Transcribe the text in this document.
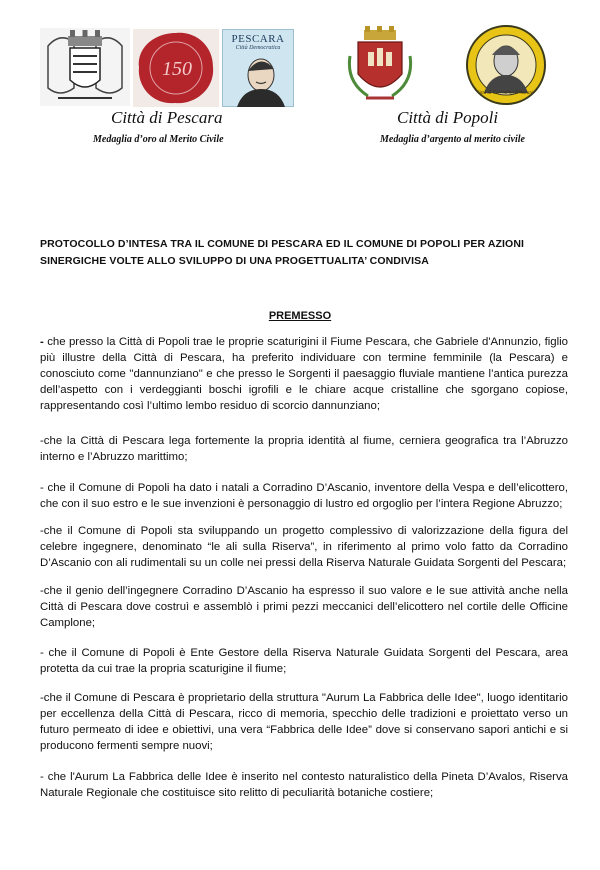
150
PESCARA
Città Democratica
Città di Corradino D'Ascanio
Città di Pescara
Medaglia d’oro al Merito Civile
Città di Popoli
Medaglia d’argento al merito civile
PROTOCOLLO D’INTESA TRA IL COMUNE DI PESCARA ED IL COMUNE DI POPOLI PER AZIONI SINERGICHE VOLTE ALLO SVILUPPO DI UNA PROGETTUALITA’ CONDIVISA
PREMESSO

- che presso la Città di Popoli trae le proprie scaturigini il Fiume Pescara, che Gabriele d'Annunzio, figlio più illustre della Città di Pescara, ha preferito individuare con termine femminile (la Pescara) e conosciuto come "dannunziano" e che presso le Sorgenti il paesaggio fluviale mantiene l’antica purezza dell’aspetto con i verdeggianti boschi igrofili e le chiare acque cristalline che sgorgano copiose, rappresentando così l’ultimo lembo residuo di scorcio dannunziano;

-che la Città di Pescara lega fortemente la propria identità al fiume, cerniera geografica tra l’Abruzzo interno e l’Abruzzo marittimo;

- che il Comune di Popoli ha dato i natali a Corradino D’Ascanio, inventore della Vespa e dell’elicottero, che con il suo estro e le sue invenzioni è personaggio di lustro ed orgoglio per l’intera Regione Abruzzo;

-che il Comune di Popoli sta sviluppando un progetto complessivo di valorizzazione della figura del celebre ingegnere, denominato “le ali sulla Riserva”, in riferimento al primo volo fatto da Corradino D’Ascanio con ali rudimentali su un colle nei pressi della Riserva Naturale Guidata Sorgenti del Pescara;

-che il genio dell’ingegnere Corradino D’Ascanio ha espresso il suo valore e le sue attività anche nella Città di Pescara dove costruì e assemblò i primi pezzi meccanici dell’elicottero nel cortile delle Officine Camplone;

- che il Comune di Popoli è Ente Gestore della Riserva Naturale Guidata Sorgenti del Pescara, area protetta da cui trae la propria scaturigine il fiume;

-che il Comune di Pescara è proprietario della struttura "Aurum La Fabbrica delle Idee", luogo identitario per eccellenza della Città di Pescara, ricco di memoria, specchio delle tradizioni e proiettato verso un futuro permeato di idee e obiettivi, una vera “Fabbrica delle Idee” dove si conservano sapori antichi e si producono fermenti sempre nuovi;

- che l'Aurum La Fabbrica delle Idee è inserito nel contesto naturalistico della Pineta D’Avalos, Riserva Naturale Regionale che costituisce sito relitto di peculiarità botaniche costiere;
